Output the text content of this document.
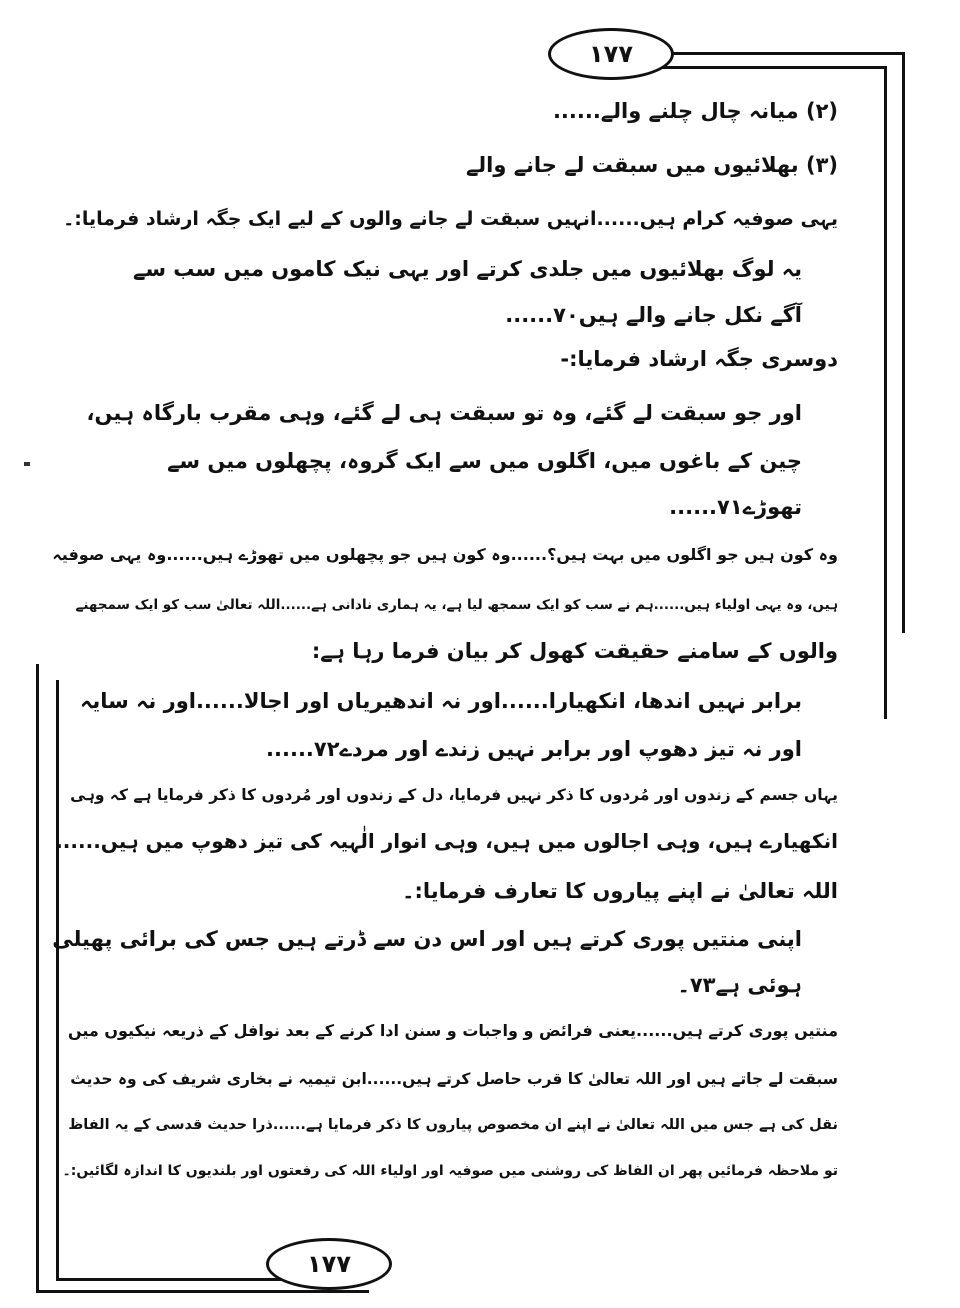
۱۷۷
(۲) میانہ چال چلنے والے......
(۳) بھلائیوں میں سبقت لے جانے والے
یہی صوفیہ کرام ہیں......انہیں سبقت لے جانے والوں کے لیے ایک جگہ ارشاد فرمایا:۔
یہ لوگ بھلائیوں میں جلدی کرتے اور یہی نیک کاموں میں سب سے
آگے نکل جانے والے ہیں۷۰......
دوسری جگہ ارشاد فرمایا:-
اور جو سبقت لے گئے، وہ تو سبقت ہی لے گئے، وہی مقرب بارگاہ ہیں،
چین کے باغوں میں، اگلوں میں سے ایک گروہ، پچھلوں میں سے
تھوڑے۷۱......
وہ کون ہیں جو اگلوں میں بہت ہیں؟......وہ کون ہیں جو پچھلوں میں تھوڑے ہیں......وہ یہی صوفیہ
ہیں، وہ یہی اولیاء ہیں......ہم نے سب کو ایک سمجھ لیا ہے، یہ ہماری نادانی ہے......اللہ تعالیٰ سب کو ایک سمجھنے
والوں کے سامنے حقیقت کھول کر بیان فرما رہا ہے:
برابر نہیں اندھا، انکھیارا......اور نہ اندھیریاں اور اجالا......اور نہ سایہ
اور نہ تیز دھوپ اور برابر نہیں زندے اور مردے۷۲......
یہاں جسم کے زندوں اور مُردوں کا ذکر نہیں فرمایا، دل کے زندوں اور مُردوں کا ذکر فرمایا ہے کہ وہی
انکھیارے ہیں، وہی اجالوں میں ہیں، وہی انوار الٰہیہ کی تیز دھوپ میں ہیں......
اللہ تعالیٰ نے اپنے پیاروں کا تعارف فرمایا:۔
اپنی منتیں پوری کرتے ہیں اور اس دن سے ڈرتے ہیں جس کی برائی پھیلی
ہوئی ہے۷۳۔
منتیں پوری کرتے ہیں......یعنی فرائض و واجبات و سنن ادا کرنے کے بعد نوافل کے ذریعہ نیکیوں میں
سبقت لے جاتے ہیں اور اللہ تعالیٰ کا قرب حاصل کرتے ہیں......ابن تیمیہ نے بخاری شریف کی وہ حدیث
نقل کی ہے جس میں اللہ تعالیٰ نے اپنے ان مخصوص پیاروں کا ذکر فرمایا ہے......ذرا حدیث قدسی کے یہ الفاظ
تو ملاحظہ فرمائیں پھر ان الفاظ کی روشنی میں صوفیہ اور اولیاء اللہ کی رفعتوں اور بلندیوں کا اندازہ لگائیں:۔
۱۷۷
